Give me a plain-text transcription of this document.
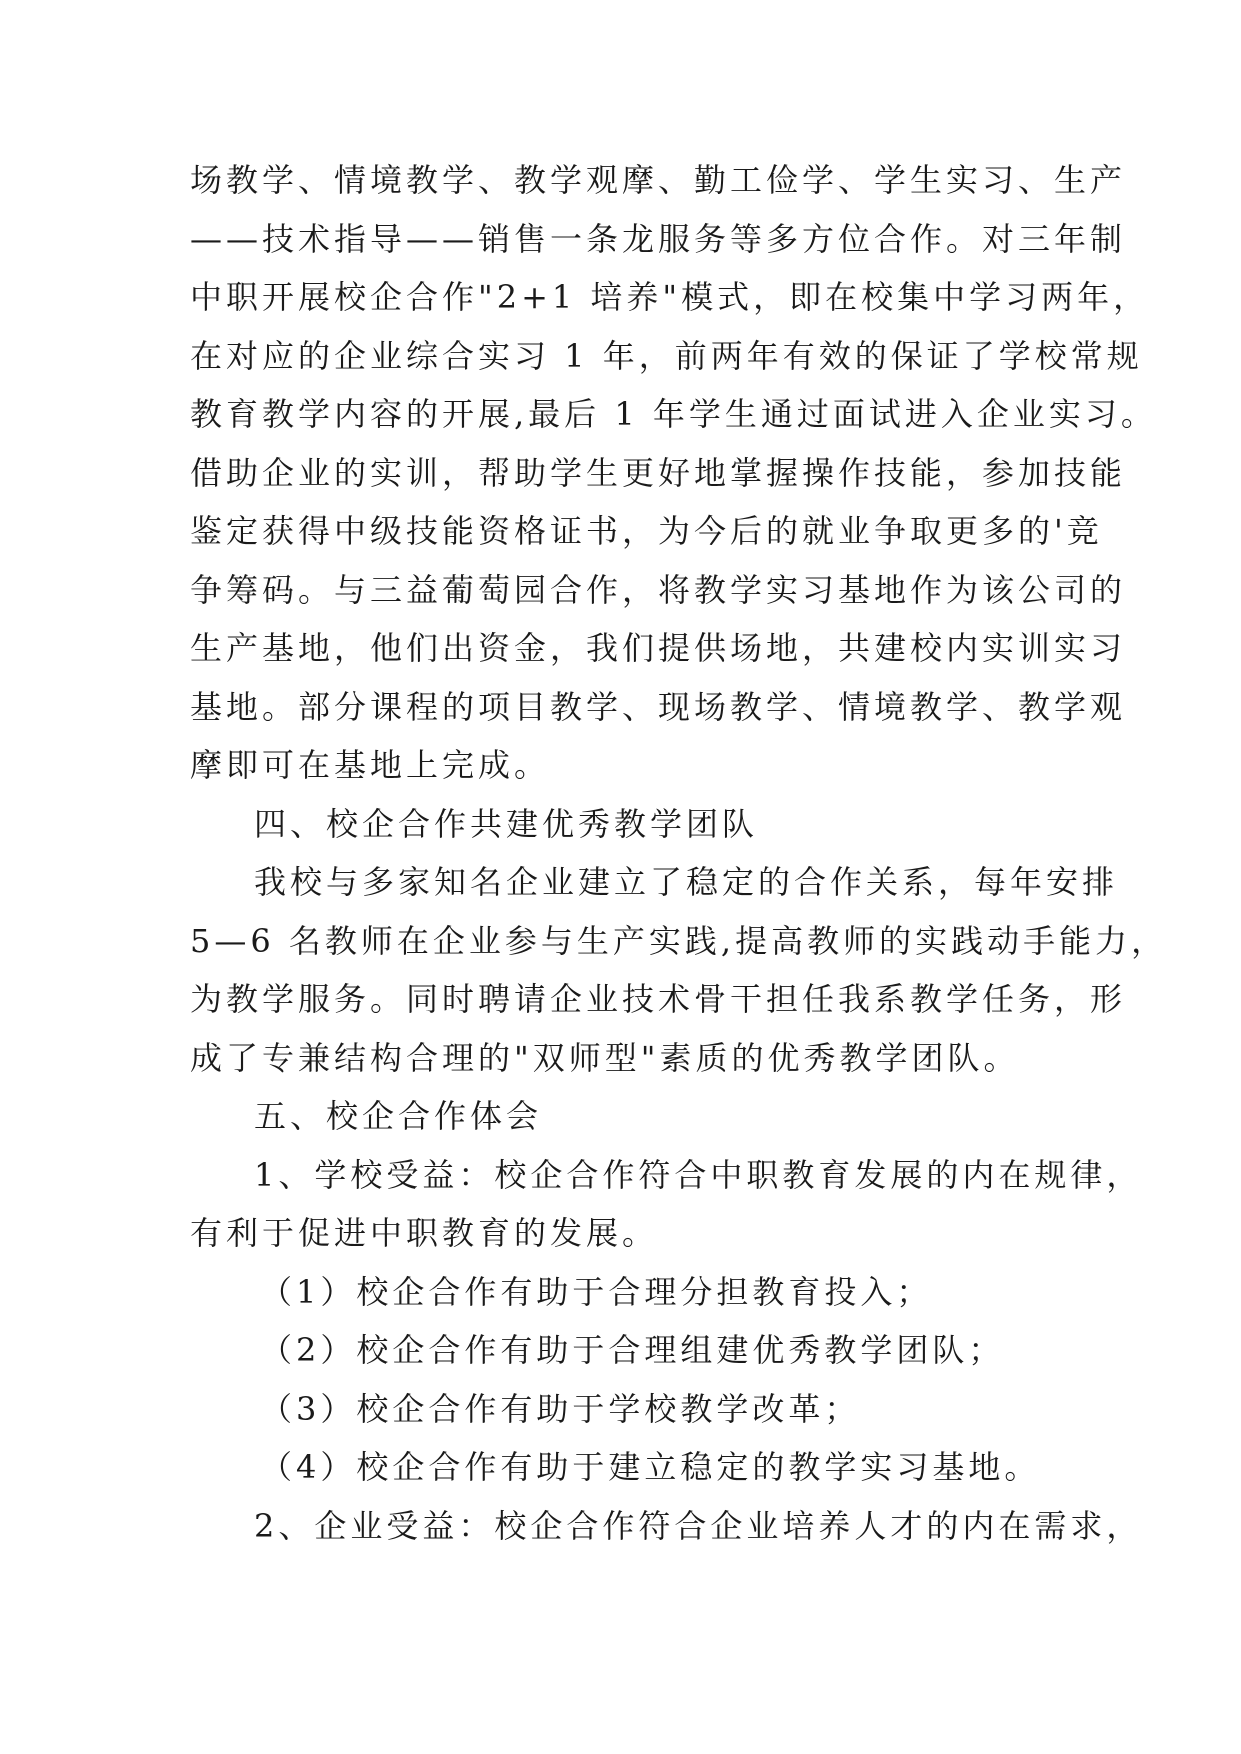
场教学、情境教学、教学观摩、勤工俭学、学生实习、生产
——技术指导——销售一条龙服务等多方位合作。对三年制
中职开展校企合作"2+1 培养"模式，即在校集中学习两年，
在对应的企业综合实习 1 年，前两年有效的保证了学校常规
教育教学内容的开展,最后 1 年学生通过面试进入企业实习。
借助企业的实训，帮助学生更好地掌握操作技能，参加技能
鉴定获得中级技能资格证书，为今后的就业争取更多的'竞
争筹码。与三益葡萄园合作，将教学实习基地作为该公司的
生产基地，他们出资金，我们提供场地，共建校内实训实习
基地。部分课程的项目教学、现场教学、情境教学、教学观
摩即可在基地上完成。
四、校企合作共建优秀教学团队
我校与多家知名企业建立了稳定的合作关系，每年安排
5—6 名教师在企业参与生产实践,提高教师的实践动手能力，
为教学服务。同时聘请企业技术骨干担任我系教学任务，形
成了专兼结构合理的"双师型"素质的优秀教学团队。
五、校企合作体会
1、学校受益：校企合作符合中职教育发展的内在规律，
有利于促进中职教育的发展。
（1）校企合作有助于合理分担教育投入；
（2）校企合作有助于合理组建优秀教学团队；
（3）校企合作有助于学校教学改革；
（4）校企合作有助于建立稳定的教学实习基地。
2、企业受益：校企合作符合企业培养人才的内在需求，
